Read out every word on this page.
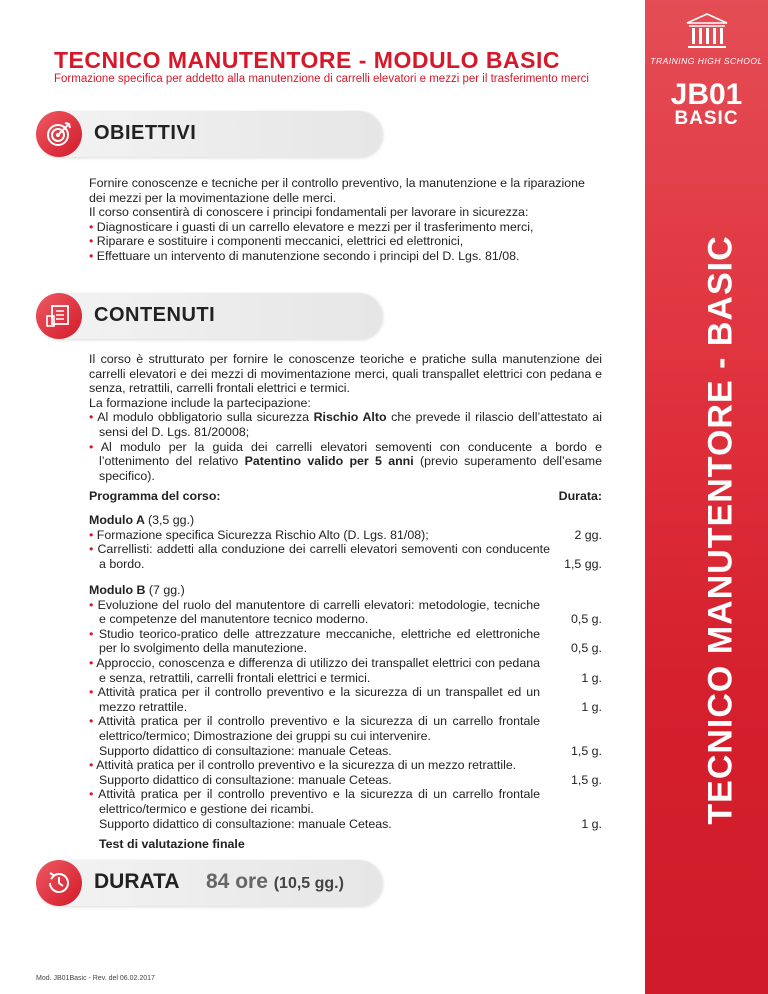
TECNICO MANUTENTORE - MODULO BASIC
Formazione specifica per addetto alla manutenzione di carrelli elevatori e mezzi per il trasferimento merci
TRAINING HIGH SCHOOL
JB01
BASIC
TECNICO MANUTENTORE - BASIC
OBIETTIVI

Fornire conoscenze e tecniche per il controllo preventivo, la manutenzione e la riparazione dei mezzi per la movimentazione delle merci.

Il corso consentirà di conoscere i principi fondamentali per lavorare in sicurezza:

• Diagnosticare i guasti di un carrello elevatore e mezzi per il trasferimento merci,

• Riparare e sostituire i componenti meccanici, elettrici ed elettronici,

• Effettuare un intervento di manutenzione secondo i principi del D. Lgs. 81/08.

CONTENUTI

Il corso è strutturato per fornire le conoscenze teoriche e pratiche sulla manutenzione dei carrelli elevatori e dei mezzi di movimentazione merci, quali transpallet elettrici con pedana e senza, retrattili, carrelli frontali elettrici e termici.

La formazione include la partecipazione:

• Al modulo obbligatorio sulla sicurezza Rischio Alto che prevede il rilascio dell’attestato ai sensi del D. Lgs. 81/20008;

• Al modulo per la guida dei carrelli elevatori semoventi con conducente a bordo e l’ottenimento del relativo Patentino valido per 5 anni (previo superamento dell’esame specifico).

Programma del corso:	Durata:
Modulo A (3,5 gg.)
• Formazione specifica Sicurezza Rischio Alto (D. Lgs. 81/08);	2 gg.
• Carrellisti: addetti alla conduzione dei carrelli elevatori semoventi con conducente a bordo.	1,5 gg.
Modulo B (7 gg.)
• Evoluzione del ruolo del manutentore di carrelli elevatori: metodologie, tecniche e competenze del manutentore tecnico moderno.	0,5 g.
• Studio teorico-pratico delle attrezzature meccaniche, elettriche ed elettroniche per lo svolgimento della manutezione.	0,5 g.
• Approccio, conoscenza e differenza di utilizzo dei transpallet elettrici con pedana e senza, retrattili, carrelli frontali elettrici e termici.	1 g.
• Attività pratica per il controllo preventivo e la sicurezza di un transpallet ed un mezzo retrattile.	1 g.
• Attività pratica per il controllo preventivo e la sicurezza di un carrello frontale elettrico/termico; Dimostrazione dei gruppi su cui intervenire.
Supporto didattico di consultazione: manuale Ceteas.	1,5 g.
• Attività pratica per il controllo preventivo e la sicurezza di un mezzo retrattile.
Supporto didattico di consultazione: manuale Ceteas.	1,5 g.
• Attività pratica per il controllo preventivo e la sicurezza di un carrello frontale elettrico/termico e gestione dei ricambi.
Supporto didattico di consultazione: manuale Ceteas.	1 g.
Test di valutazione finale
DURATA 84 ore (10,5 gg.)
Mod. JB01Basic - Rev. del 06.02.2017
